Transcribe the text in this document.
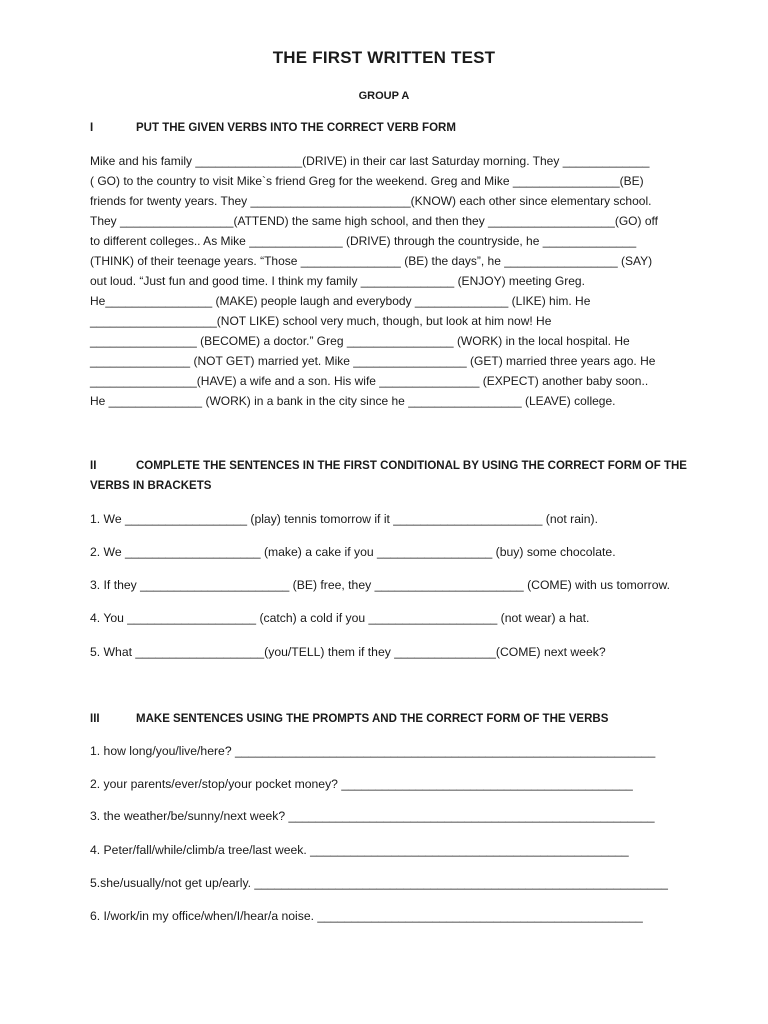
THE FIRST WRITTEN TEST
GROUP A
I	PUT THE GIVEN VERBS INTO THE CORRECT VERB FORM
Mike and his family ________________(DRIVE) in their car last Saturday morning. They _____________
( GO) to the country to visit Mike`s friend Greg for the weekend. Greg and Mike ________________(BE)
friends for twenty years. They ________________________(KNOW) each other since elementary school.
They _________________(ATTEND) the same high school, and then they ___________________(GO) off
to different colleges.. As Mike ______________ (DRIVE) through the countryside, he ______________
(THINK) of their teenage years. “Those _______________ (BE) the days”, he _________________ (SAY)
out loud. “Just fun and good time. I think my family ______________ (ENJOY) meeting Greg.
He________________ (MAKE) people laugh and everybody ______________ (LIKE) him. He
___________________(NOT LIKE) school very much, though, but look at him now! He
________________ (BECOME) a doctor.” Greg ________________ (WORK) in the local hospital. He
_______________ (NOT GET) married yet. Mike _________________ (GET) married three years ago. He
________________(HAVE) a wife and a son. His wife _______________ (EXPECT) another baby soon..
He ______________ (WORK) in a bank in the city since he _________________ (LEAVE) college.
II	COMPLETE THE SENTENCES IN THE FIRST CONDITIONAL BY USING THE CORRECT FORM OF THE
VERBS IN BRACKETS
1. We __________________ (play) tennis tomorrow if it ______________________ (not rain).
2. We ____________________ (make) a cake if you _________________ (buy) some chocolate.
3. If they ______________________ (BE) free, they ______________________ (COME) with us tomorrow.
4. You ___________________ (catch) a cold if you ___________________ (not wear) a hat.
5. What ___________________(you/TELL) them if they _______________(COME) next week?
III	MAKE SENTENCES USING THE PROMPTS AND THE CORRECT FORM OF THE VERBS
1. how long/you/live/here? ______________________________________________________________
2. your parents/ever/stop/your pocket money? ___________________________________________
3. the weather/be/sunny/next week? ______________________________________________________
4. Peter/fall/while/climb/a tree/last week. _______________________________________________
5.she/usually/not get up/early. _____________________________________________________________
6. I/work/in my office/when/I/hear/a noise. ________________________________________________
